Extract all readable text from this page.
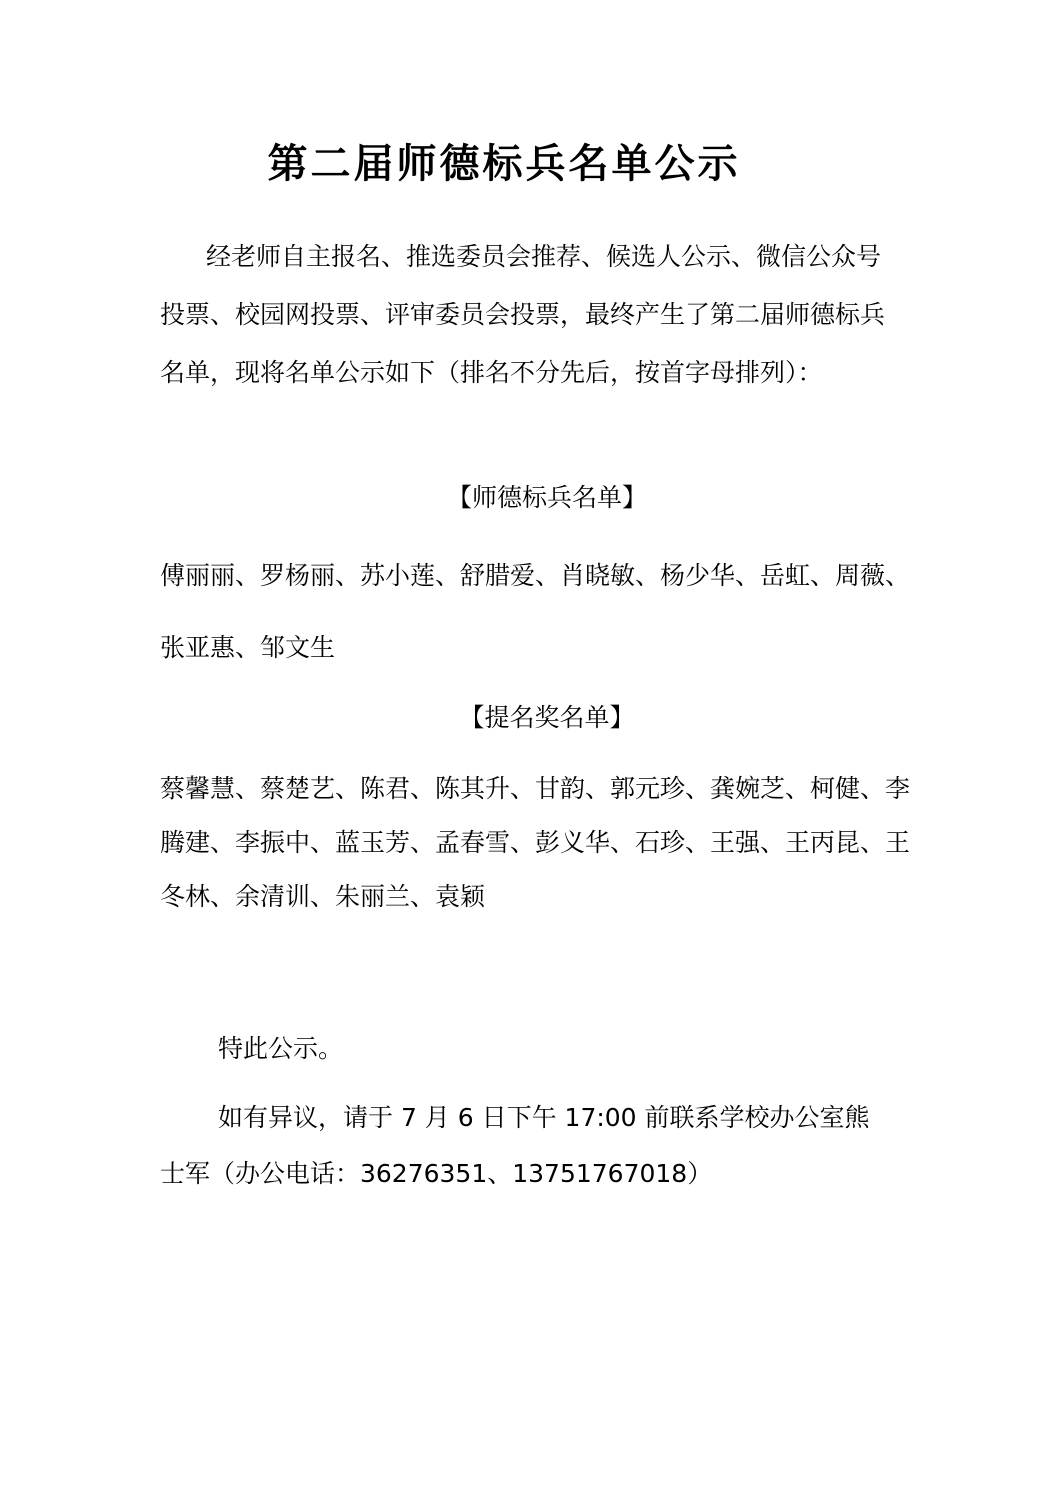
第二届师德标兵名单公示

经老师自主报名、推选委员会推荐、候选人公示、微信公众号投票、校园网投票、评审委员会投票，最终产生了第二届师德标兵名单，现将名单公示如下（排名不分先后，按首字母排列）：

【师德标兵名单】

傅丽丽、罗杨丽、苏小莲、舒腊爱、肖晓敏、杨少华、岳虹、周薇、张亚惠、邹文生

【提名奖名单】

蔡馨慧、蔡楚艺、陈君、陈其升、甘韵、郭元珍、龚婉芝、柯健、李腾建、李振中、蓝玉芳、孟春雪、彭义华、石珍、王强、王丙昆、王冬林、余清训、朱丽兰、袁颖

特此公示。

如有异议，请于 7 月 6 日下午 17:00 前联系学校办公室熊士军（办公电话：36276351、13751767018）
